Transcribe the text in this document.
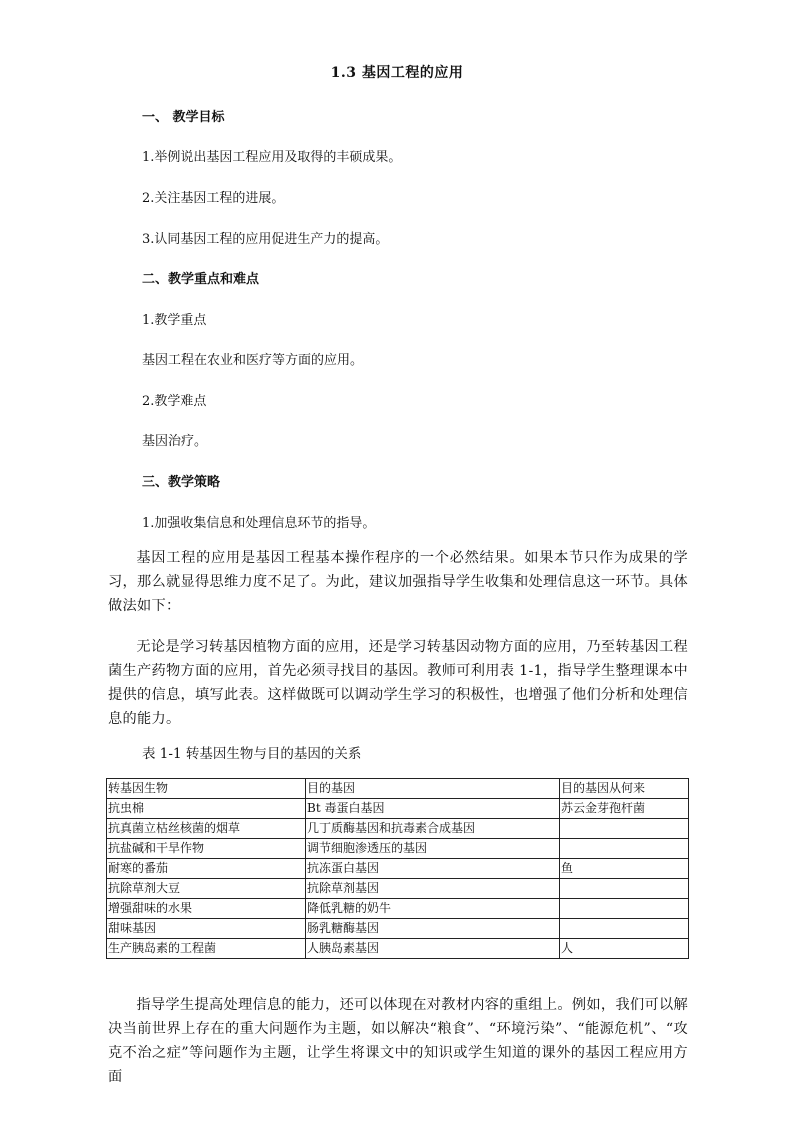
1.3 基因工程的应用
一、 教学目标
1.举例说出基因工程应用及取得的丰硕成果。
2.关注基因工程的进展。
3.认同基因工程的应用促进生产力的提高。
二、教学重点和难点
1.教学重点
基因工程在农业和医疗等方面的应用。
2.教学难点
基因治疗。
三、教学策略
1.加强收集信息和处理信息环节的指导。
基因工程的应用是基因工程基本操作程序的一个必然结果。如果本节只作为成果的学习，那么就显得思维力度不足了。为此，建议加强指导学生收集和处理信息这一环节。具体做法如下：
无论是学习转基因植物方面的应用，还是学习转基因动物方面的应用，乃至转基因工程菌生产药物方面的应用，首先必须寻找目的基因。教师可利用表 1-1，指导学生整理课本中提供的信息，填写此表。这样做既可以调动学生学习的积极性，也增强了他们分析和处理信息的能力。
表 1-1 转基因生物与目的基因的关系
转基因生物	目的基因	目的基因从何来
抗虫棉	Bt 毒蛋白基因	苏云金芽孢杆菌
抗真菌立枯丝核菌的烟草	几丁质酶基因和抗毒素合成基因	
抗盐碱和干旱作物	调节细胞渗透压的基因	
耐寒的番茄	抗冻蛋白基因	鱼
抗除草剂大豆	抗除草剂基因	
增强甜味的水果	降低乳糖的奶牛	
甜味基因	肠乳糖酶基因	
生产胰岛素的工程菌	人胰岛素基因	人
指导学生提高处理信息的能力，还可以体现在对教材内容的重组上。例如，我们可以解决当前世界上存在的重大问题作为主题，如以解决“粮食”、“环境污染”、“能源危机”、“攻克不治之症”等问题作为主题，让学生将课文中的知识或学生知道的课外的基因工程应用方面
